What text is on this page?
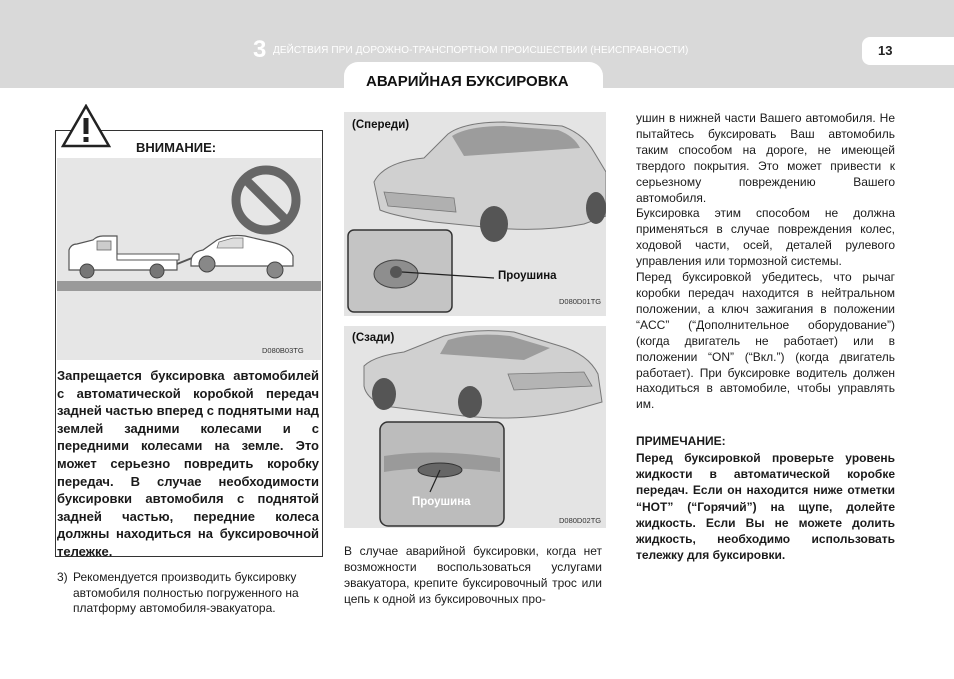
3 ДЕЙСТВИЯ ПРИ ДОРОЖНО-ТРАНСПОРТНОМ ПРОИСШЕСТВИИ (НЕИСПРАВНОСТИ)	13
АВАРИЙНАЯ БУКСИРОВКА
ВНИМАНИЕ:
D080B03TG
Запрещается буксировка автомобилей с автоматической коробкой передач задней частью вперед с поднятыми над землей задними колесами и с передними колесами на земле. Это может серьезно повредить коробку передач. В случае необходимости буксировки автомобиля с поднятой задней частью, передние колеса должны находиться на буксировочной тележке.
3) Рекомендуется производить буксировку автомобиля полностью погруженного на платформу автомобиля-эвакуатора.
(Спереди)
Проушина
D080D01TG
(Сзади)
Проушина
D080D02TG
В случае аварийной буксировки, когда нет возможности воспользоваться услугами эвакуатора, крепите буксировочный трос или цепь к одной из буксировочных про-

ушин в нижней части Вашего автомобиля. Не пытайтесь буксировать Ваш автомобиль таким способом на дороге, не имеющей твердого покрытия. Это может привести к серьезному повреждению Вашего автомобиля.

Буксировка этим способом не должна применяться в случае повреждения колес, ходовой части, осей, деталей рулевого управления или тормозной системы.

Перед буксировкой убедитесь, что рычаг коробки передач находится в нейтральном положении, а ключ зажигания в положении “ACC” (“Дополнительное оборудование”) (когда двигатель не работает) или в положении “ON” (“Вкл.”) (когда двигатель работает). При буксировке водитель должен находиться в автомобиле, чтобы управлять им.

ПРИМЕЧАНИЕ:
Перед буксировкой проверьте уровень жидкости в автоматической коробке передач. Если он находится ниже отметки “HOT” (“Горячий”) на щупе, долейте жидкость. Если Вы не можете долить жидкость, необходимо использовать тележку для буксировки.
